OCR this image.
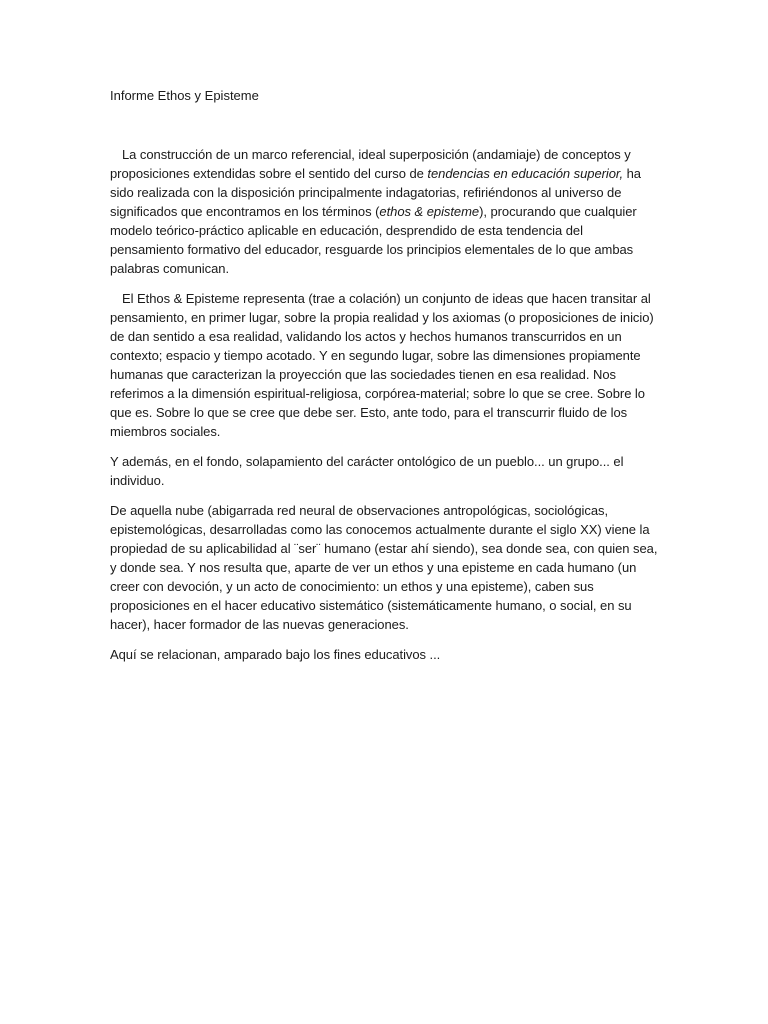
Informe Ethos y Episteme

La construcción de un marco referencial, ideal superposición (andamiaje) de conceptos y proposiciones extendidas sobre el sentido del curso de tendencias en educación superior, ha sido realizada con la disposición principalmente indagatorias, refiriéndonos al universo de significados que encontramos en los términos (ethos & episteme), procurando que cualquier modelo teórico-práctico aplicable en educación, desprendido de esta tendencia del pensamiento formativo del educador, resguarde los principios elementales de lo que ambas palabras comunican.

El Ethos & Episteme representa (trae a colación) un conjunto de ideas que hacen transitar al pensamiento, en primer lugar, sobre la propia realidad y los axiomas (o proposiciones de inicio) de dan sentido a esa realidad, validando los actos y hechos humanos transcurridos en un contexto; espacio y tiempo acotado. Y en segundo lugar, sobre las dimensiones propiamente humanas que caracterizan la proyección que las sociedades tienen en esa realidad. Nos referimos a la dimensión espiritual-religiosa, corpórea-material; sobre lo que se cree. Sobre lo que es. Sobre lo que se cree que debe ser. Esto, ante todo, para el transcurrir fluido de los miembros sociales.

Y además, en el fondo, solapamiento del carácter ontológico de un pueblo... un grupo... el individuo.

De aquella nube (abigarrada red neural de observaciones antropológicas, sociológicas, epistemológicas, desarrolladas como las conocemos actualmente durante el siglo XX) viene la propiedad de su aplicabilidad al ¨ser¨ humano (estar ahí siendo), sea donde sea, con quien sea, y donde sea. Y nos resulta que, aparte de ver un ethos y una episteme en cada humano (un creer con devoción, y un acto de conocimiento: un ethos y una episteme), caben sus proposiciones en el hacer educativo sistemático (sistemáticamente humano, o social, en su hacer), hacer formador de las nuevas generaciones.

Aquí se relacionan, amparado bajo los fines educativos ...
